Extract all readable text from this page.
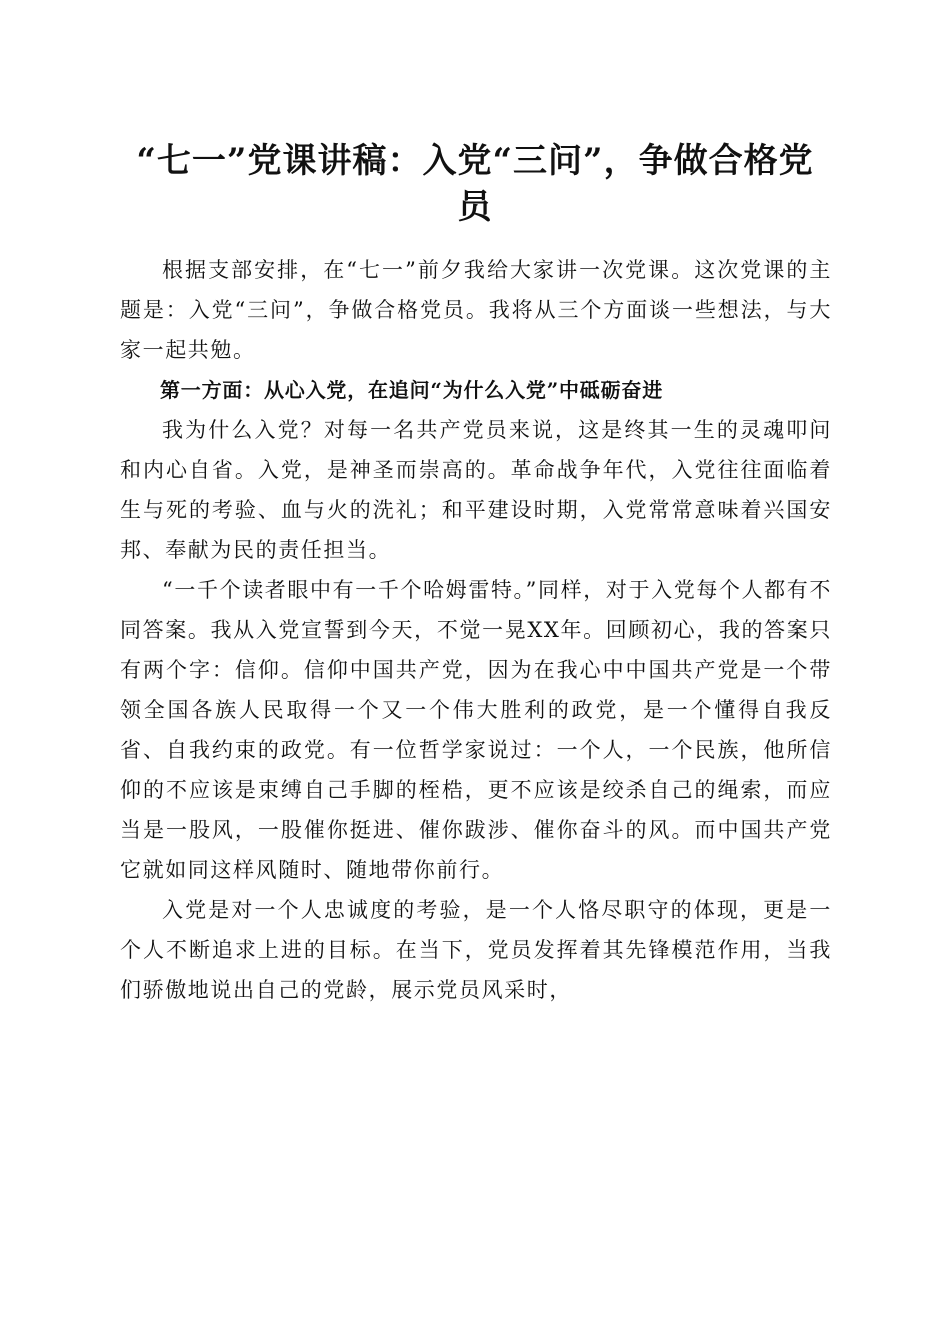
“七一”党课讲稿：入党“三问”，争做合格党员

根据支部安排，在“七一”前夕我给大家讲一次党课。这次党课的主题是：入党“三问”，争做合格党员。我将从三个方面谈一些想法，与大家一起共勉。

第一方面：从心入党，在追问“为什么入党”中砥砺奋进

我为什么入党？对每一名共产党员来说，这是终其一生的灵魂叩问和内心自省。入党，是神圣而崇高的。革命战争年代，入党往往面临着生与死的考验、血与火的洗礼；和平建设时期，入党常常意味着兴国安邦、奉献为民的责任担当。

“一千个读者眼中有一千个哈姆雷特。”同样，对于入党每个人都有不同答案。我从入党宣誓到今天，不觉一晃XX年。回顾初心，我的答案只有两个字：信仰。信仰中国共产党，因为在我心中中国共产党是一个带领全国各族人民取得一个又一个伟大胜利的政党，是一个懂得自我反省、自我约束的政党。有一位哲学家说过：一个人，一个民族，他所信仰的不应该是束缚自己手脚的桎梏，更不应该是绞杀自己的绳索，而应当是一股风，一股催你挺进、催你跋涉、催你奋斗的风。而中国共产党它就如同这样风随时、随地带你前行。

入党是对一个人忠诚度的考验，是一个人恪尽职守的体现，更是一个人不断追求上进的目标。在当下，党员发挥着其先锋模范作用，当我们骄傲地说出自己的党龄，展示党员风采时，
